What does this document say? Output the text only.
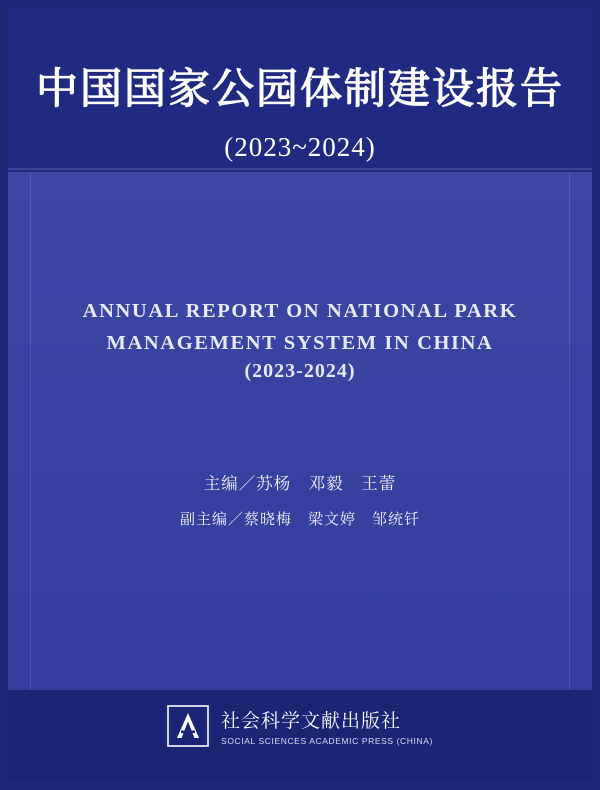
中国国家公园体制建设报告
(2023~2024)
ANNUAL REPORT ON NATIONAL PARK
MANAGEMENT SYSTEM IN CHINA
(2023-2024)
主编／苏杨　邓毅　王蕾
副主编／蔡晓梅　梁文婷　邹统钎
社会科学文献出版社
SOCIAL SCIENCES ACADEMIC PRESS (CHINA)
